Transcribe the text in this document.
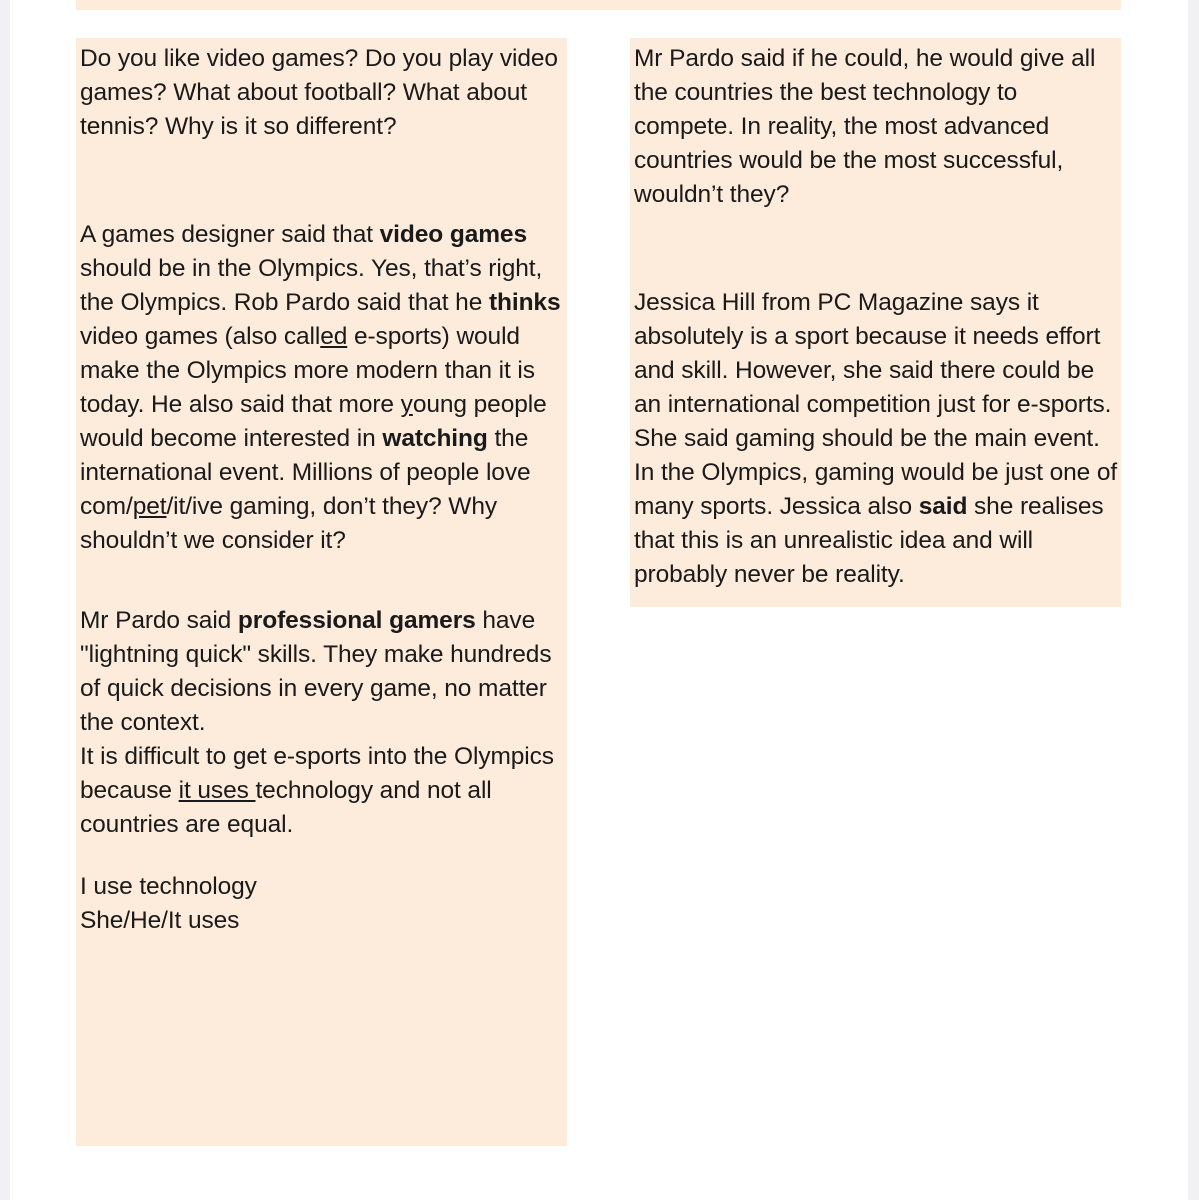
Do you like video games? Do you play video games? What about football? What about tennis? Why is it so different?

A games designer said that video games should be in the Olympics. Yes, that’s right, the Olympics. Rob Pardo said that he thinks video games (also called e-sports) would make the Olympics more modern than it is today. He also said that more young people would become interested in watching the international event. Millions of people love com/pet/it/ive gaming, don’t they? Why shouldn’t we consider it?

Mr Pardo said professional gamers have "lightning quick" skills. They make hundreds of quick decisions in every game, no matter the context.
It is difficult to get e-sports into the Olympics because it uses technology and not all countries are equal.

I use technology

She/He/It uses

Mr Pardo said if he could, he would give all the countries the best technology to compete. In reality, the most advanced countries would be the most successful, wouldn’t they?

Jessica Hill from PC Magazine says it absolutely is a sport because it needs effort and skill. However, she said there could be an international competition just for e-sports. She said gaming should be the main event. In the Olympics, gaming would be just one of many sports. Jessica also said she realises that this is an unrealistic idea and will probably never be reality.
